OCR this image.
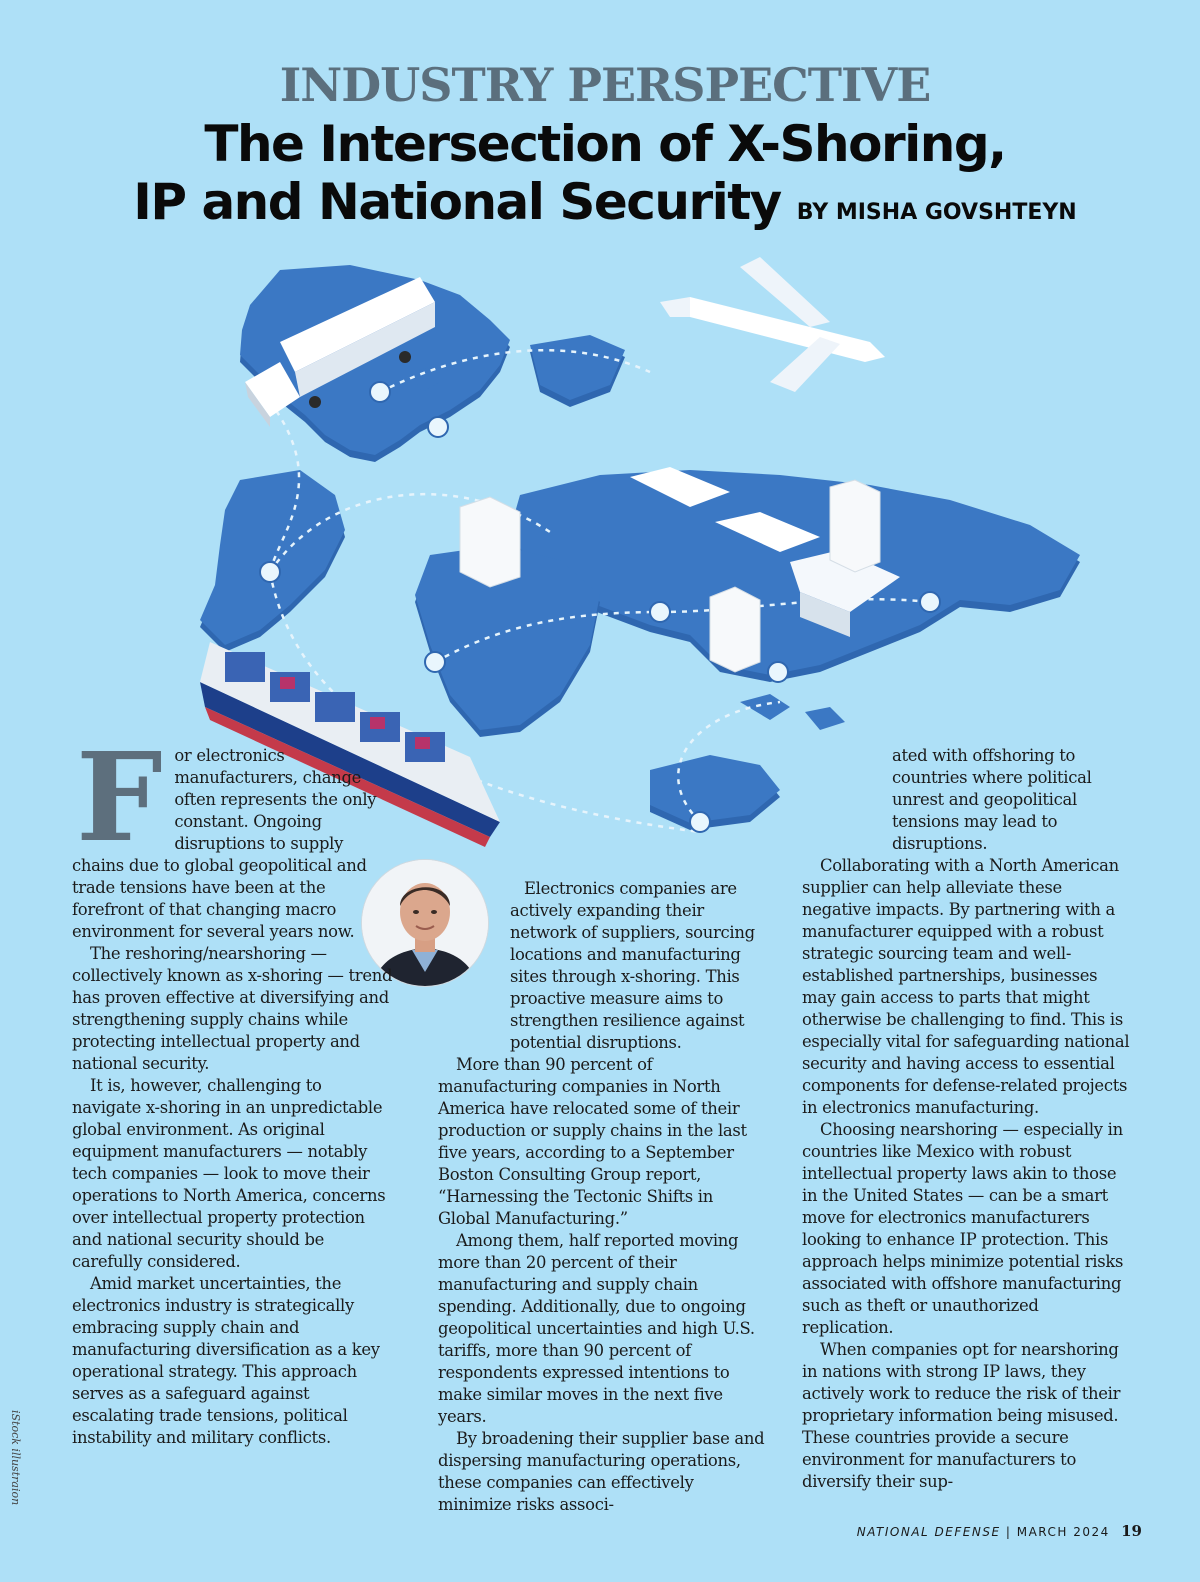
INDUSTRY PERSPECTIVE
The Intersection of X-Shoring,
IP and National Security BY MISHA GOVSHTEYN
F or electronics manufacturers, change often represents the only constant. Ongoing disruptions to supply chains due to global geopolitical and trade tensions have been at the forefront of that changing macro environment for several years now.

The reshoring/nearshoring — collectively known as x-shoring — trend has proven effective at diversifying and strengthening supply chains while protecting intellectual property and national security.

It is, however, challenging to navigate x-shoring in an unpredictable global environment. As original equipment manufacturers — notably tech companies — look to move their operations to North America, concerns over intellectual property protection and national security should be carefully considered.

Amid market uncertainties, the electronics industry is strategically embracing supply chain and manufacturing diversification as a key operational strategy. This approach serves as a safeguard against escalating trade tensions, political instability and military conflicts.

Electronics companies are actively expanding their network of suppliers, sourcing locations and manufacturing sites through x-shoring. This proactive measure aims to strengthen resilience against potential disruptions.

More than 90 percent of manufacturing companies in North America have relocated some of their production or supply chains in the last five years, according to a September Boston Consulting Group report, “Harnessing the Tectonic Shifts in Global Manufacturing.”

Among them, half reported moving more than 20 percent of their manufacturing and supply chain spending. Additionally, due to ongoing geopolitical uncertainties and high U.S. tariffs, more than 90 percent of respondents expressed intentions to make similar moves in the next five years.

By broadening their supplier base and dispersing manufacturing operations, these companies can effectively minimize risks associ-

ated with offshoring to countries where political unrest and geopolitical tensions may lead to disruptions.

Collaborating with a North American supplier can help alleviate these negative impacts. By partnering with a manufacturer equipped with a robust strategic sourcing team and well-established partnerships, businesses may gain access to parts that might otherwise be challenging to find. This is especially vital for safeguarding national security and having access to essential components for defense-related projects in electronics manufacturing.

Choosing nearshoring — especially in countries like Mexico with robust intellectual property laws akin to those in the United States — can be a smart move for electronics manufacturers looking to enhance IP protection. This approach helps minimize potential risks associated with offshore manufacturing such as theft or unauthorized replication.

When companies opt for nearshoring in nations with strong IP laws, they actively work to reduce the risk of their proprietary information being misused. These countries provide a secure environment for manufacturers to diversify their sup-

iStock illustraion
NATIONAL DEFENSE | MARCH 2024 19
